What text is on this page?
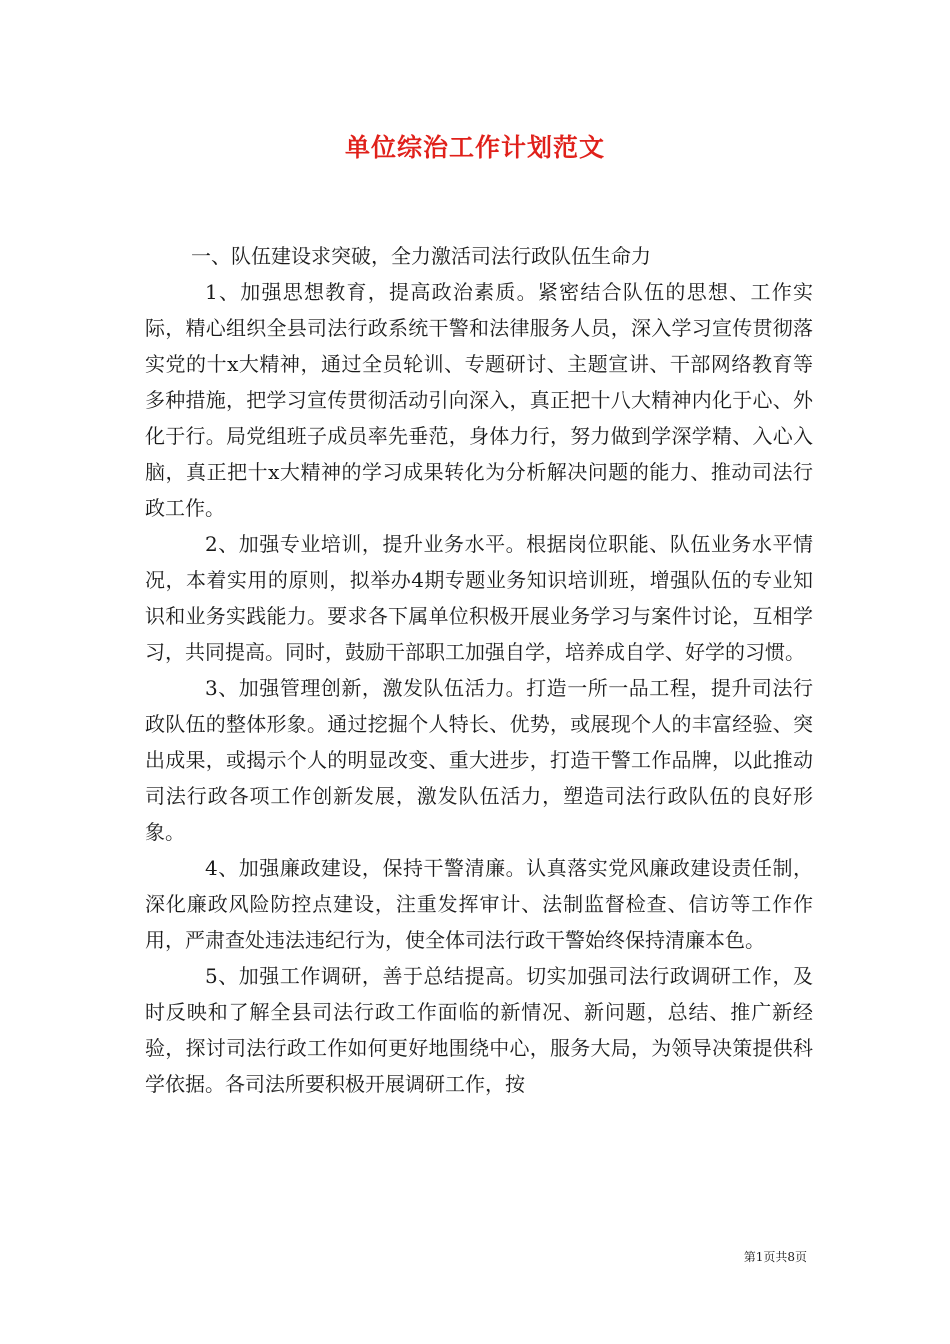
单位综治工作计划范文

一、队伍建设求突破，全力激活司法行政队伍生命力

1、加强思想教育，提高政治素质。紧密结合队伍的思想、工作实际，精心组织全县司法行政系统干警和法律服务人员，深入学习宣传贯彻落实党的十x大精神，通过全员轮训、专题研讨、主题宣讲、干部网络教育等多种措施，把学习宣传贯彻活动引向深入，真正把十八大精神内化于心、外化于行。局党组班子成员率先垂范，身体力行，努力做到学深学精、入心入脑，真正把十x大精神的学习成果转化为分析解决问题的能力、推动司法行政工作。

2、加强专业培训，提升业务水平。根据岗位职能、队伍业务水平情况，本着实用的原则，拟举办4期专题业务知识培训班，增强队伍的专业知识和业务实践能力。要求各下属单位积极开展业务学习与案件讨论，互相学习，共同提高。同时，鼓励干部职工加强自学，培养成自学、好学的习惯。

3、加强管理创新，激发队伍活力。打造一所一品工程，提升司法行政队伍的整体形象。通过挖掘个人特长、优势，或展现个人的丰富经验、突出成果，或揭示个人的明显改变、重大进步，打造干警工作品牌，以此推动司法行政各项工作创新发展，激发队伍活力，塑造司法行政队伍的良好形象。

4、加强廉政建设，保持干警清廉。认真落实党风廉政建设责任制，深化廉政风险防控点建设，注重发挥审计、法制监督检查、信访等工作作用，严肃查处违法违纪行为，使全体司法行政干警始终保持清廉本色。

5、加强工作调研，善于总结提高。切实加强司法行政调研工作，及时反映和了解全县司法行政工作面临的新情况、新问题，总结、推广新经验，探讨司法行政工作如何更好地围绕中心，服务大局，为领导决策提供科学依据。各司法所要积极开展调研工作，按

第1页共8页
